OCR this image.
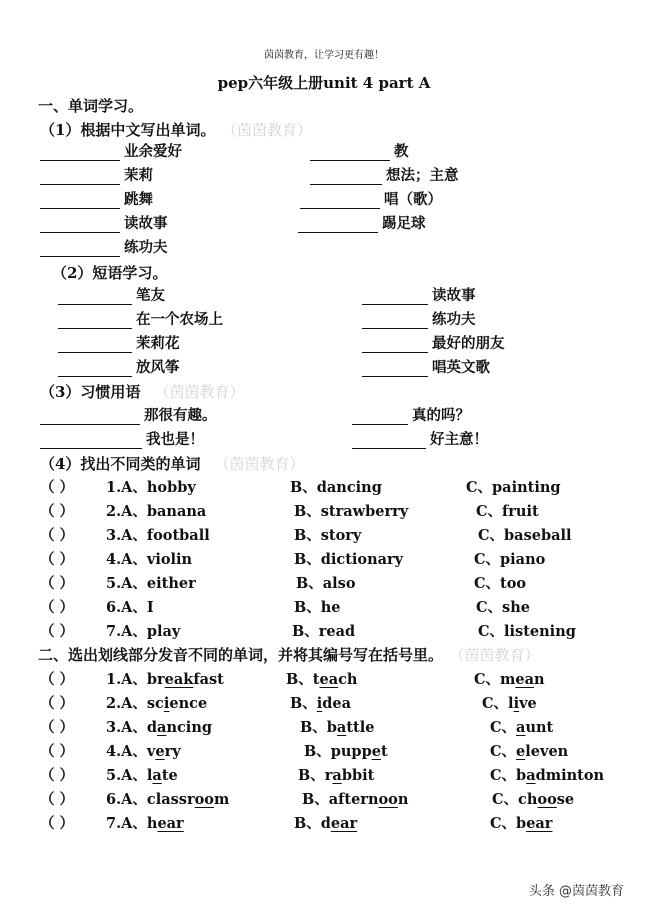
茵茵教育，让学习更有趣！
pep六年级上册unit 4 part A
一、单词学习。
（1）根据中文写出单词。 （茵茵教育）
业余爱好	教
茉莉	想法；主意
跳舞	唱（歌）
读故事	踢足球
练功夫
（2）短语学习。
笔友	读故事
在一个农场上	练功夫
茉莉花	最好的朋友
放风筝	唱英文歌
（3）习惯用语 （茵茵教育）
那很有趣。	真的吗？
我也是！	好主意！
（4）找出不同类的单词 （茵茵教育）
（ ） 1.A、hobby	B、dancing	C、painting
（ ） 2.A、banana	B、strawberry	C、fruit
（ ） 3.A、football	B、story	C、baseball
（ ） 4.A、violin	B、dictionary	C、piano
（ ） 5.A、either	B、also	C、too
（ ） 6.A、I	B、he	C、she
（ ） 7.A、play	B、read	C、listening
二、选出划线部分发音不同的单词，并将其编号写在括号里。 （茵茵教育）
（ ） 1.A、breakfast	B、teach	C、mean
（ ） 2.A、science	B、idea	C、live
（ ） 3.A、dancing	B、battle	C、aunt
（ ） 4.A、very	B、puppet	C、eleven
（ ） 5.A、late	B、rabbit	C、badminton
（ ） 6.A、classroom	B、afternoon	C、choose
（ ） 7.A、hear	B、dear	C、bear
头条 @茵茵教育
